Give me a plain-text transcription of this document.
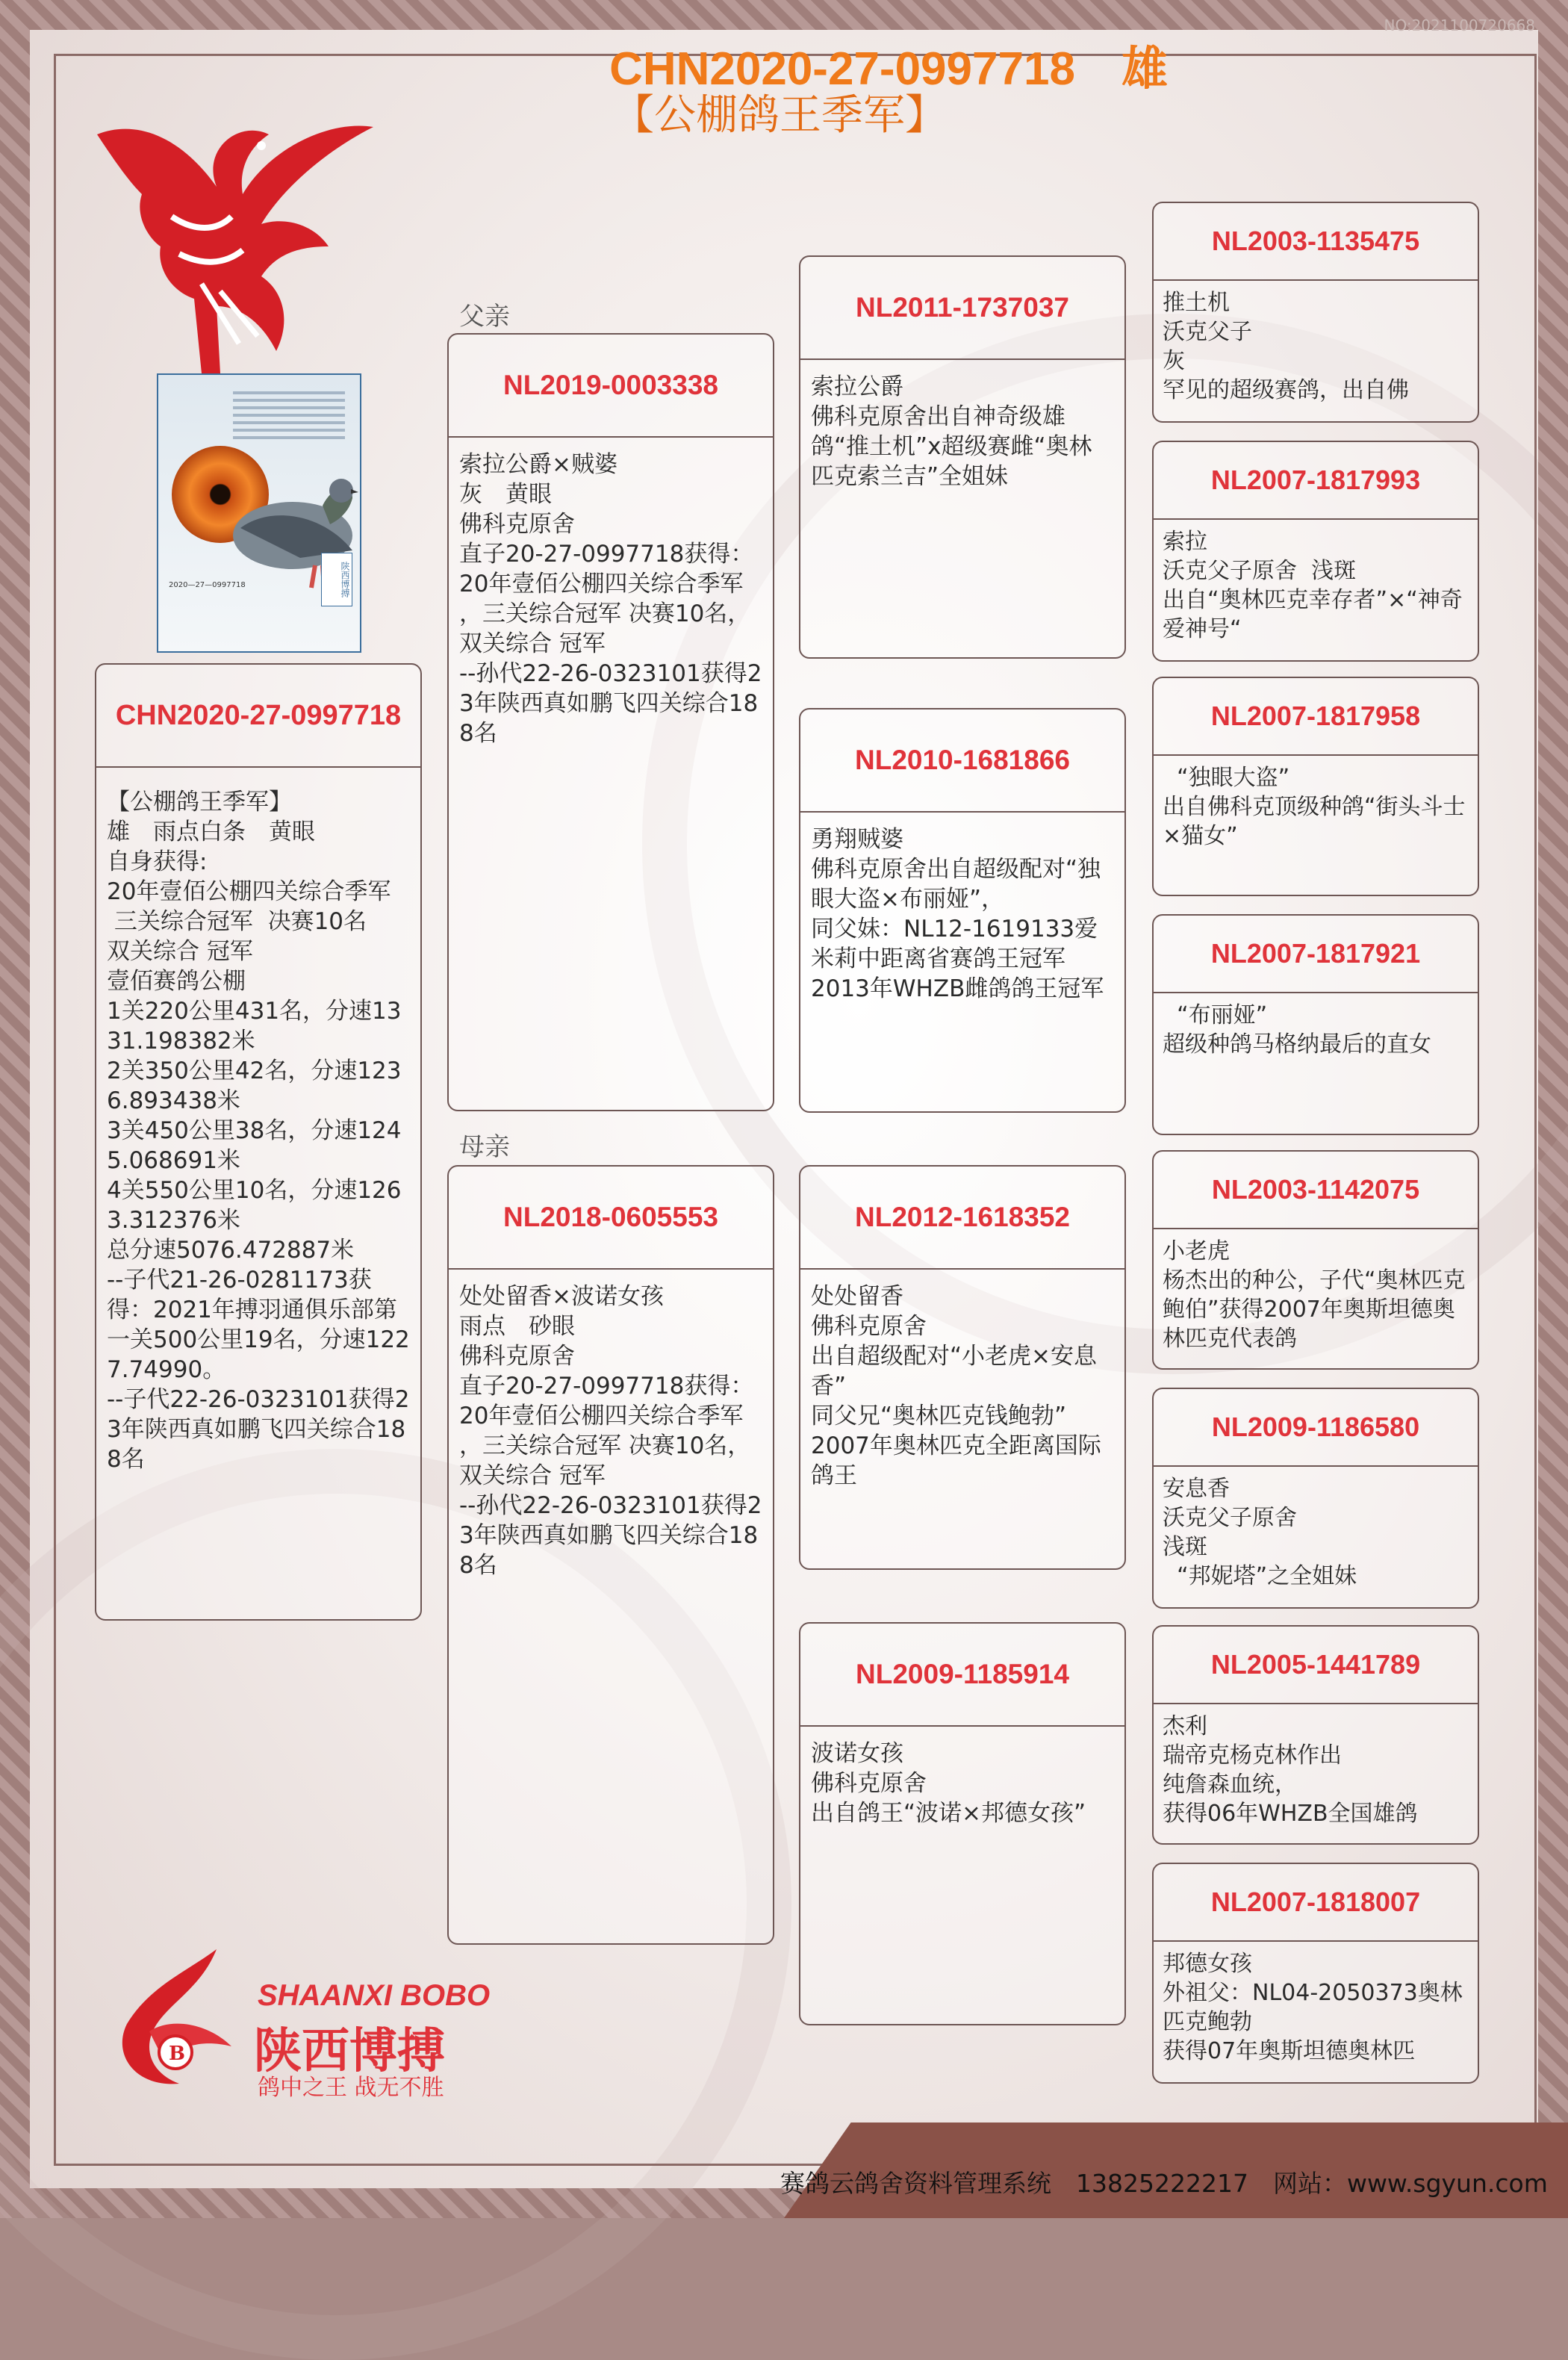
NO:2021100720668
CHN2020-27-0997718　雄
【公棚鸽王季军】
2020—27—0997718	陕西博搏
父亲
母亲
CHN2020-27-0997718
【公棚鸽王季军】
雄　雨点白条　黄眼
自身获得:
20年壹佰公棚四关综合季军
三关综合冠军  决赛10名
双关综合 冠军
壹佰赛鸽公棚
1关220公里431名，分速1331.198382米
2关350公里42名，分速1236.893438米
3关450公里38名，分速1245.068691米
4关550公里10名，分速1263.312376米
总分速5076.472887米
--子代21-26-0281173获得：2021年搏羽通俱乐部第一关500公里19名，分速1227.74990。
--子代22-26-0323101获得23年陕西真如鹏飞四关综合188名
NL2019-0003338
索拉公爵×贼婆
灰　黄眼
佛科克原舍
直子20-27-0997718获得：20年壹佰公棚四关综合季军 ，三关综合冠军 决赛10名，双关综合 冠军
--孙代22-26-0323101获得23年陕西真如鹏飞四关综合188名
NL2018-0605553
处处留香×波诺女孩
雨点　砂眼
佛科克原舍
直子20-27-0997718获得：20年壹佰公棚四关综合季军 ，三关综合冠军 决赛10名，双关综合 冠军
--孙代22-26-0323101获得23年陕西真如鹏飞四关综合188名
NL2011-1737037
索拉公爵
佛科克原舍出自神奇级雄鸽“推土机”x超级赛雌“奥林匹克索兰吉”全姐妹
NL2010-1681866
勇翔贼婆
佛科克原舍出自超级配对“独眼大盗×布丽娅”，
同父妹：NL12-1619133爱米莉中距离省赛鸽王冠军
2013年WHZB雌鸽鸽王冠军
NL2012-1618352
处处留香
佛科克原舍
出自超级配对“小老虎×安息香”
同父兄“奥林匹克钱鲍勃”
2007年奥林匹克全距离国际鸽王
NL2009-1185914
波诺女孩
佛科克原舍
出自鸽王“波诺×邦德女孩”
NL2003-1135475
推土机
沃克父子
灰
罕见的超级赛鸽，出自佛
NL2007-1817993
索拉
沃克父子原舍  浅斑
出自“奥林匹克幸存者”×“神奇爱神号“
NL2007-1817958
“独眼大盗”
出自佛科克顶级种鸽“街头斗士×猫女”
NL2007-1817921
“布丽娅”
超级种鸽马格纳最后的直女
NL2003-1142075
小老虎
杨杰出的种公，子代“奥林匹克鲍伯”获得2007年奥斯坦德奥林匹克代表鸽
NL2009-1186580
安息香
沃克父子原舍
浅斑
“邦妮塔”之全姐妹
NL2005-1441789
杰利
瑞帝克杨克林作出
纯詹森血统，
获得06年WHZB全国雄鸽
NL2007-1818007
邦德女孩
外祖父：NL04-2050373奥林匹克鲍勃
获得07年奥斯坦德奥林匹
B
SHAANXI BOBO
陕西博搏
鸽中之王 战无不胜
赛鸽云鸽舍资料管理系统　13825222217　网站：www.sgyun.com
